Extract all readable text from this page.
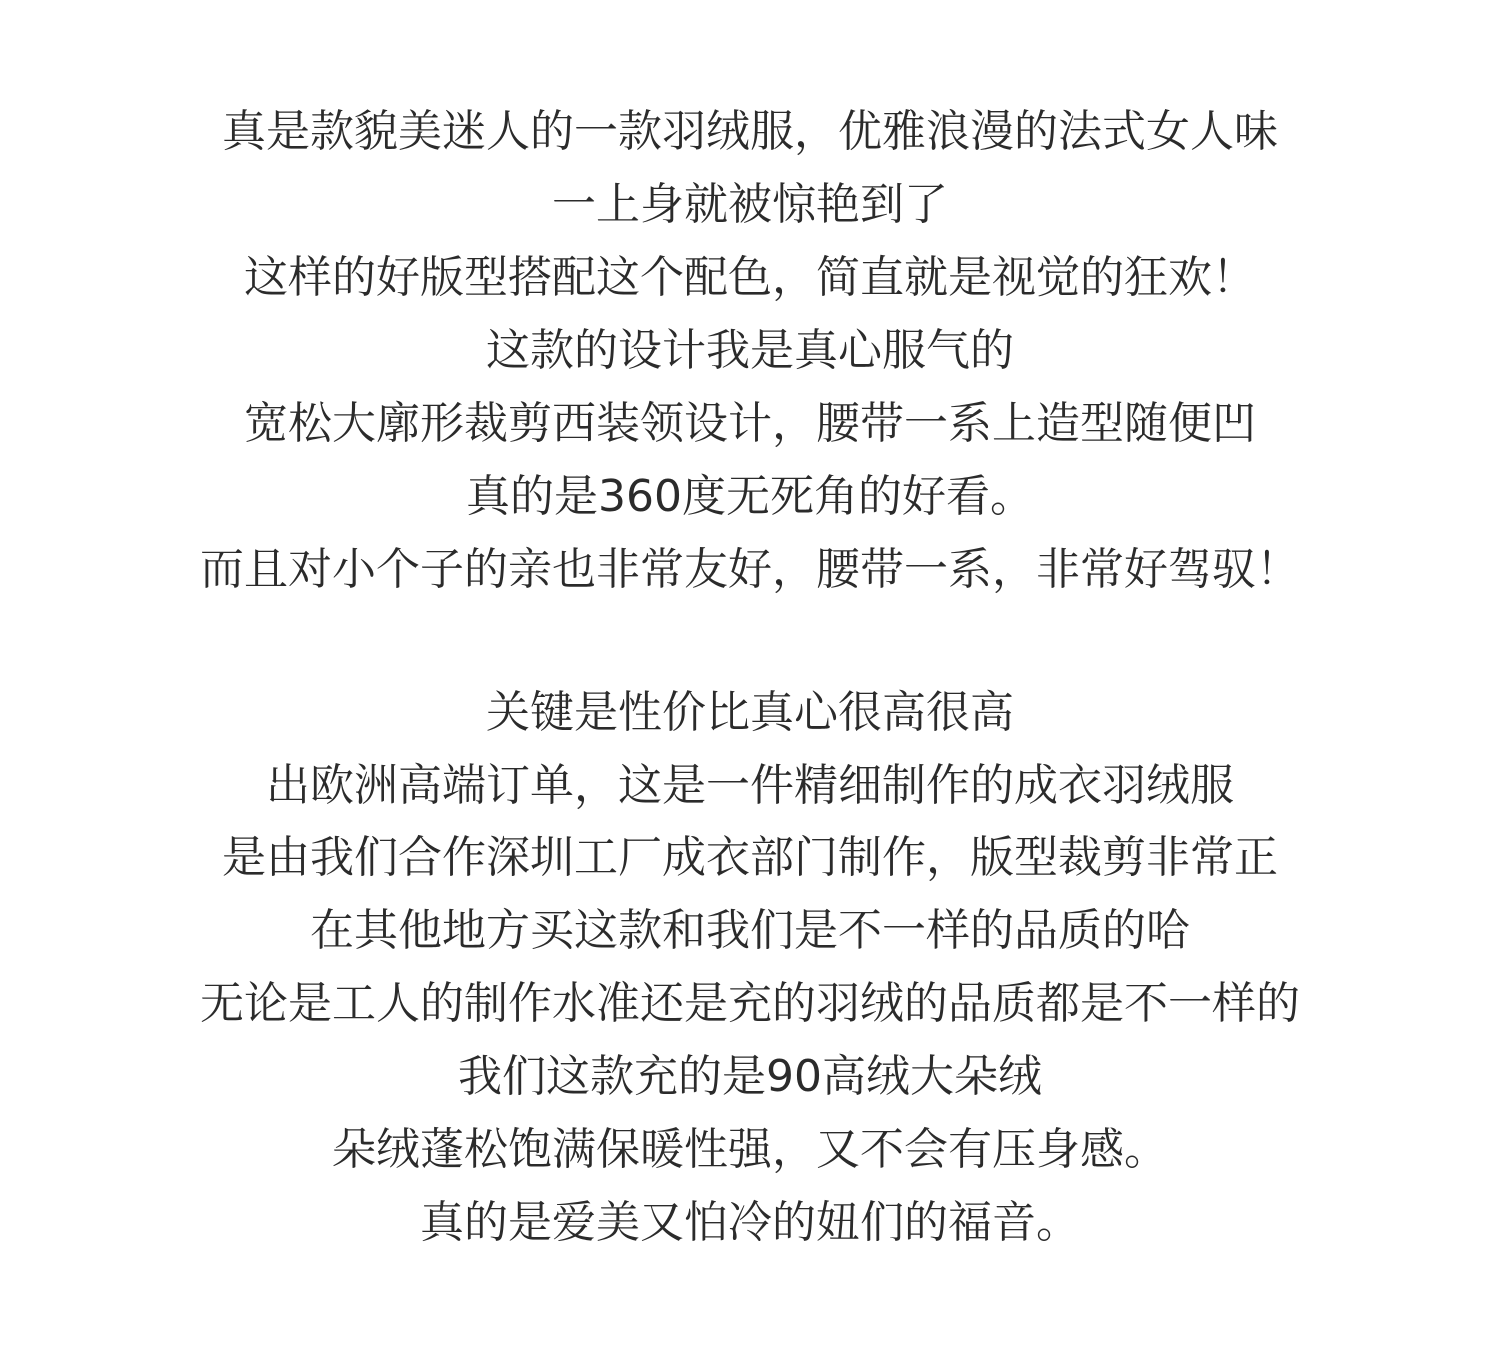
真是款貌美迷人的一款羽绒服，优雅浪漫的法式女人味
一上身就被惊艳到了
这样的好版型搭配这个配色，简直就是视觉的狂欢！
这款的设计我是真心服气的
宽松大廓形裁剪西装领设计，腰带一系上造型随便凹
真的是360度无死角的好看。
而且对小个子的亲也非常友好，腰带一系，非常好驾驭！
关键是性价比真心很高很高
出欧洲高端订单，这是一件精细制作的成衣羽绒服
是由我们合作深圳工厂成衣部门制作，版型裁剪非常正
在其他地方买这款和我们是不一样的品质的哈
无论是工人的制作水准还是充的羽绒的品质都是不一样的
我们这款充的是90高绒大朵绒
朵绒蓬松饱满保暖性强，又不会有压身感。
真的是爱美又怕冷的妞们的福音。
